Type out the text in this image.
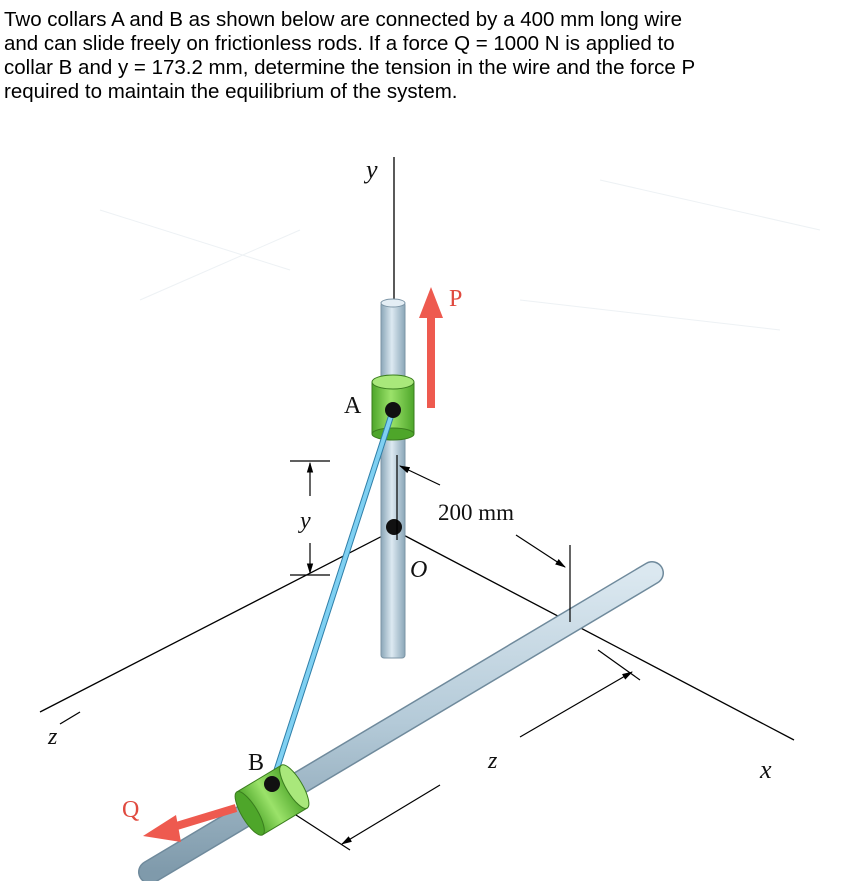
Two collars A and B as shown below are connected by a 400 mm long wire
and can slide freely on frictionless rods. If a force Q = 1000 N is applied to
collar B and y = 173.2 mm, determine the tension in the wire and the force P
required to maintain the equilibrium of the system.
y
A
P
O
200 mm
y
z
B
Q
z	x
